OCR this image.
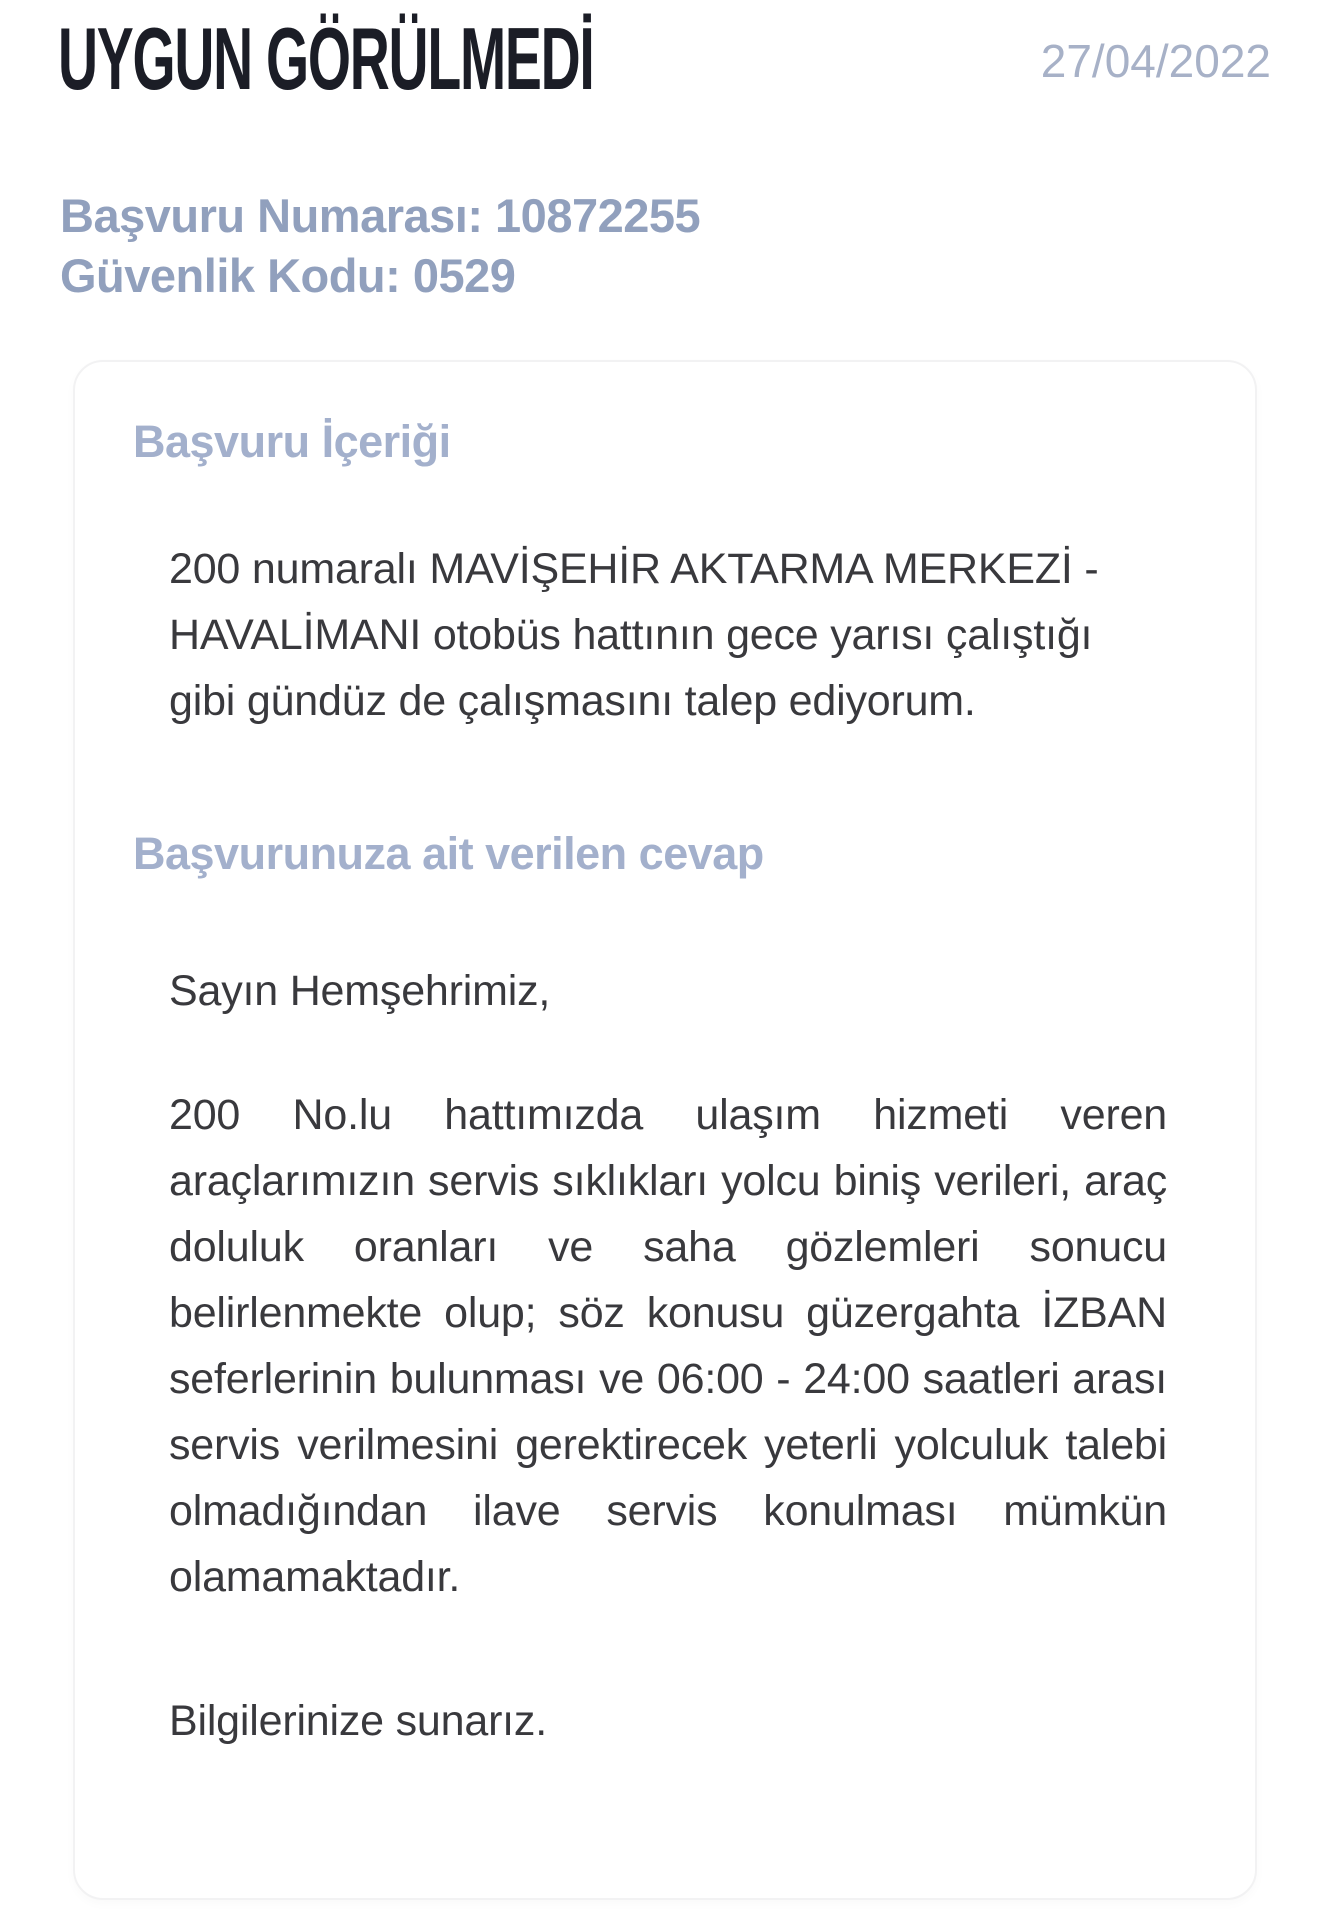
UYGUN GÖRÜLMEDİ	27/04/2022
Başvuru Numarası: 10872255
Güvenlik Kodu: 0529
Başvuru İçeriği

200 numaralı MAVİŞEHİR AKTARMA MERKEZİ - HAVALİMANI otobüs hattının gece yarısı çalıştığı gibi gündüz de çalışmasını talep ediyorum.

Başvurunuza ait verilen cevap

Sayın Hemşehrimiz,

200 No.lu hattımızda ulaşım hizmeti veren araçlarımızın servis sıklıkları yolcu biniş verileri, araç doluluk oranları ve saha gözlemleri sonucu belirlenmekte olup; söz konusu güzergahta İZBAN seferlerinin bulunması ve 06:00 - 24:00 saatleri arası servis verilmesini gerektirecek yeterli yolculuk talebi olmadığından ilave servis konulması mümkün olamamaktadır.

Bilgilerinize sunarız.
